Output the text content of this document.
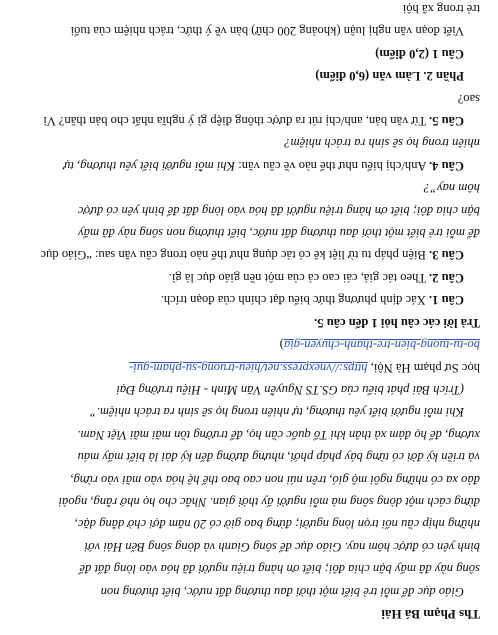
Ths Phạm Bá Hải
Giáo dục để mỗi trẻ biết một thời đau thương đất nước, biết thương non
sông này đã mấy bận chia đôi; biết ơn hàng triệu người đã hóa vào lòng đất để
bình yên có được hôm nay. Giáo dục để sông Gianh và dòng sông Bến Hải với
những nhịp cầu nối trọn lòng người; đừng bao giờ có 20 năm đợi chờ dằng dặc,
đừng cách một dòng sông mà mỗi người ấy thời gian. Nhắc cho họ nhớ rằng, ngoài
đảo xa có những ngôi mộ gió, trên núi non cao bao thế hệ hóa vào mãi vào rừng,
và triền ký đời có từng bảy pháp phới, nhưng đường đến ký đài là biết mấy máu
xương, để họ đảm xả thân khi Tổ quốc cần họ, để trường tồn mãi mãi Việt Nam.
Khi mỗi người biết yêu thương, tự nhiên trong họ sẽ sinh ra trách nhiệm.”
(Trích Bài phát biểu của GS.TS Nguyễn Văn Minh - Hiệu trưởng Đại
học Sư phạm Hà Nội, https://vnexpress.net/hieu-truong-su-pham-gui-
bo-tu-tuong-bien-tre-thanh-chuyen-gia)
Trả lời các câu hỏi 1 đến câu 5.
Câu 1. Xác định phương thức biểu đạt chính của đoạn trích.
Câu 2. Theo tác giả, cái cao cả của một nền giáo dục là gì.
Câu 3. Biện pháp tu từ liệt kê có tác dụng như thế nào trong câu văn sau: “Giáo dục
để mỗi trẻ biết một thời đau thương đất nước, biết thương non sông này đã mấy
bận chia đôi; biết ơn hàng triệu người đã hóa vào lòng đất để bình yên có được
hôm nay”?
Câu 4. Anh/chị hiểu như thế nào về câu văn: Khi mỗi người biết yêu thương, tự
nhiên trong họ sẽ sinh ra trách nhiệm?
Câu 5. Từ văn bản, anh/chị rút ra được thông điệp gì ý nghĩa nhất cho bản thân? Vì
sao?
Phần 2. Làm văn (6,0 điểm)
Câu 1 (2,0 điểm)
Viết đoạn văn nghị luận (khoảng 200 chữ) bàn về ý thức, trách nhiệm của tuổi
trẻ trong xã hội
